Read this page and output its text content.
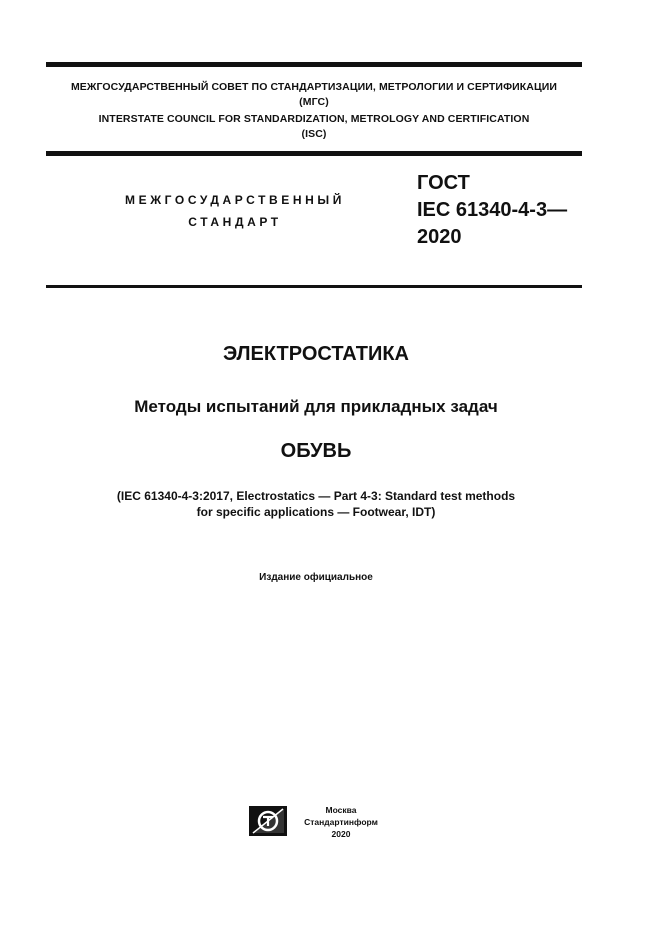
МЕЖГОСУДАРСТВЕННЫЙ СОВЕТ ПО СТАНДАРТИЗАЦИИ, МЕТРОЛОГИИ И СЕРТИФИКАЦИИ
(МГС)
INTERSTATE COUNCIL FOR STANDARDIZATION, METROLOGY AND CERTIFICATION
(ISC)
МЕЖГОСУДАРСТВЕННЫЙ
СТАНДАРТ
ГОСТ
IEC 61340-4-3—
2020
ЭЛЕКТРОСТАТИКА
Методы испытаний для прикладных задач
ОБУВЬ
(IEC 61340-4-3:2017, Electrostatics — Part 4-3: Standard test methods
for specific applications — Footwear, IDT)
Издание официальное
Москва
Стандартинформ
2020
